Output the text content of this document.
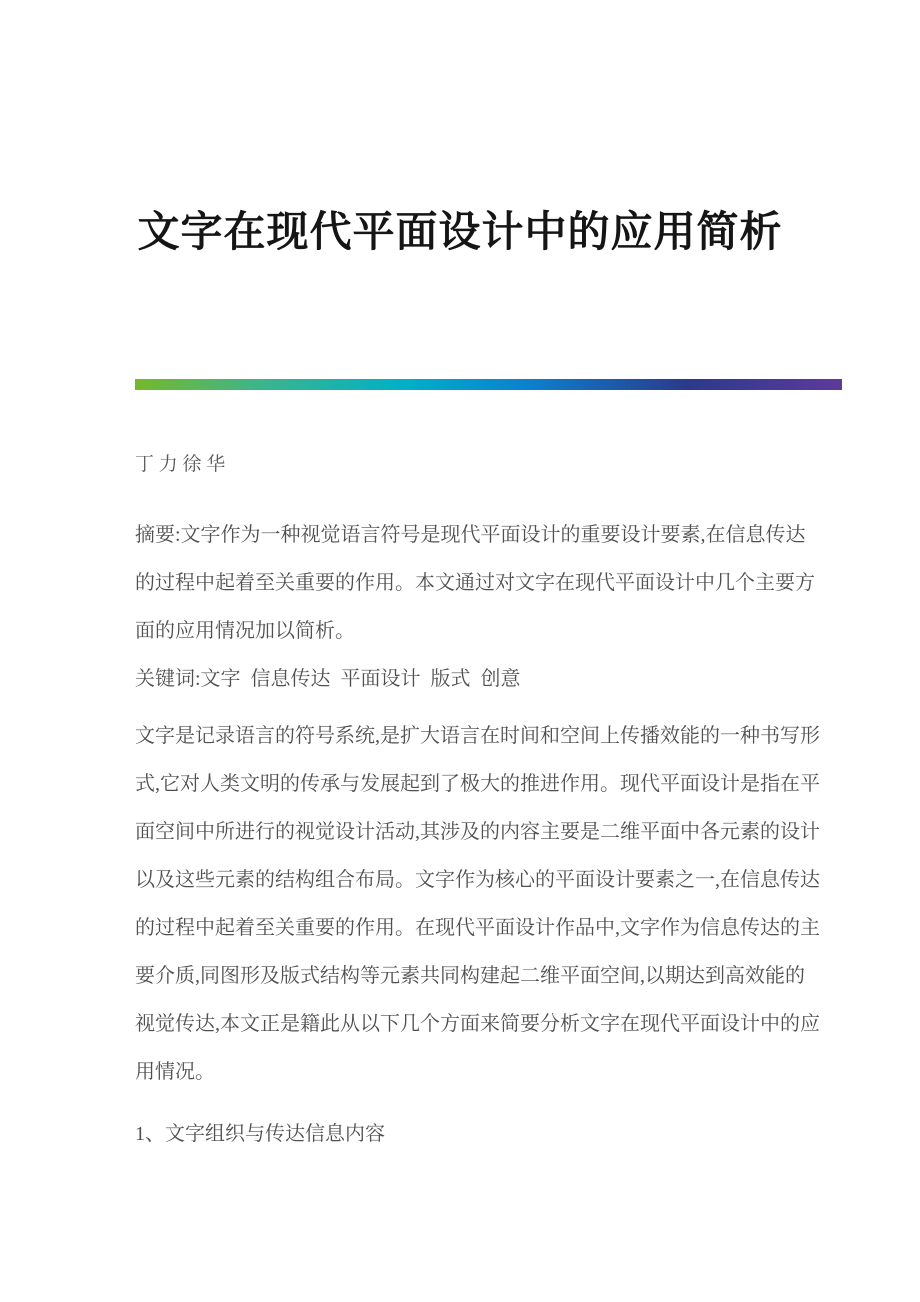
文字在现代平面设计中的应用简析

丁 力 徐 华

摘要:文字作为一种视觉语言符号是现代平面设计的重要设计要素,在信息传达
的过程中起着至关重要的作用。本文通过对文字在现代平面设计中几个主要方
面的应用情况加以简析。

关键词:文字  信息传达  平面设计  版式  创意

文字是记录语言的符号系统,是扩大语言在时间和空间上传播效能的一种书写形
式,它对人类文明的传承与发展起到了极大的推进作用。现代平面设计是指在平
面空间中所进行的视觉设计活动,其涉及的内容主要是二维平面中各元素的设计
以及这些元素的结构组合布局。文字作为核心的平面设计要素之一,在信息传达
的过程中起着至关重要的作用。在现代平面设计作品中,文字作为信息传达的主
要介质,同图形及版式结构等元素共同构建起二维平面空间,以期达到高效能的
视觉传达,本文正是籍此从以下几个方面来简要分析文字在现代平面设计中的应
用情况。

1、文字组织与传达信息内容
